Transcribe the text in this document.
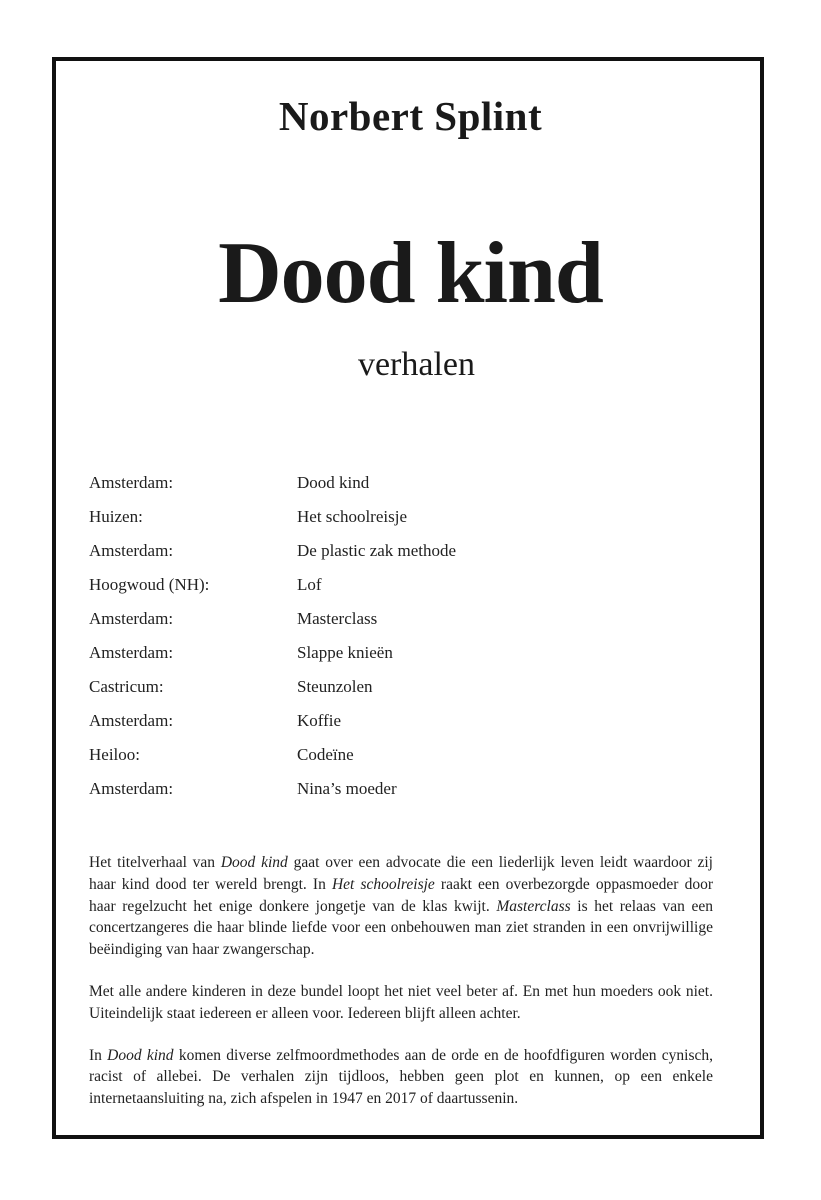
Norbert Splint
Dood kind
verhalen
Amsterdam:	Dood kind
Huizen:	Het schoolreisje
Amsterdam:	De plastic zak methode
Hoogwoud (NH):	Lof
Amsterdam:	Masterclass
Amsterdam:	Slappe knieën
Castricum:	Steunzolen
Amsterdam:	Koffie
Heiloo:	Codeïne
Amsterdam:	Nina’s moeder

Het titelverhaal van Dood kind gaat over een advocate die een liederlijk leven leidt waardoor zij haar kind dood ter wereld brengt. In Het schoolreisje raakt een overbezorgde oppasmoeder door haar regelzucht het enige donkere jongetje van de klas kwijt. Masterclass is het relaas van een concertzangeres die haar blinde liefde voor een onbehouwen man ziet stranden in een onvrijwillige beëindiging van haar zwangerschap.

Met alle andere kinderen in deze bundel loopt het niet veel beter af. En met hun moeders ook niet. Uiteindelijk staat iedereen er alleen voor. Iedereen blijft alleen achter.

In Dood kind komen diverse zelfmoordmethodes aan de orde en de hoofdfiguren worden cynisch, racist of allebei. De verhalen zijn tijdloos, hebben geen plot en kunnen, op een enkele internetaansluiting na, zich afspelen in 1947 en 2017 of daartussenin.
